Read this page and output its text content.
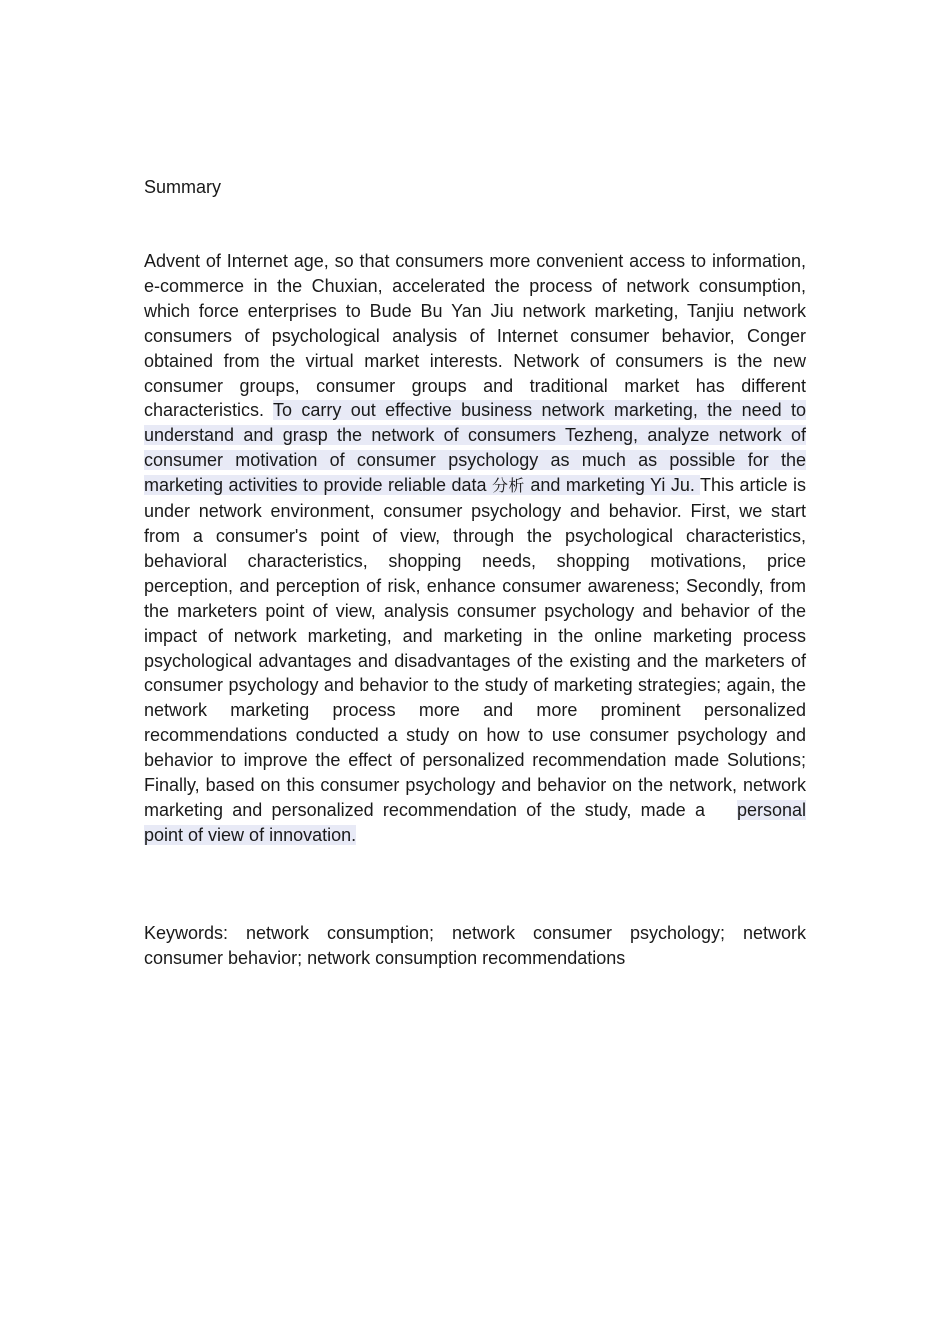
Summary

Advent of Internet age, so that consumers more convenient access to information, e-commerce in the Chuxian, accelerated the process of network consumption, which force enterprises to Bude Bu Yan Jiu network marketing, Tanjiu network consumers of psychological analysis of Internet consumer behavior, Conger obtained from the virtual market interests. Network of consumers is the new consumer groups, consumer groups and traditional market has different characteristics. To carry out effective business network marketing, the need to understand and grasp the network of consumers Tezheng, analyze network of consumer motivation of consumer psychology as much as possible for the marketing activities to provide reliable data 分析 and marketing Yi Ju. This article is under network environment, consumer psychology and behavior. First, we start from a consumer's point of view, through the psychological characteristics, behavioral characteristics, shopping needs, shopping motivations, price perception, and perception of risk, enhance consumer awareness; Secondly, from the marketers point of view, analysis consumer psychology and behavior of the impact of network marketing, and marketing in the online marketing process psychological advantages and disadvantages of the existing and the marketers of consumer psychology and behavior to the study of marketing strategies; again, the network marketing process more and more prominent personalized recommendations conducted a study on how to use consumer psychology and behavior to improve the effect of personalized recommendation made Solutions; Finally, based on this consumer psychology and behavior on the network, network marketing and personalized recommendation of the study, made a personal point of view of innovation.

Keywords: network consumption; network consumer psychology; network consumer behavior; network consumption recommendations
